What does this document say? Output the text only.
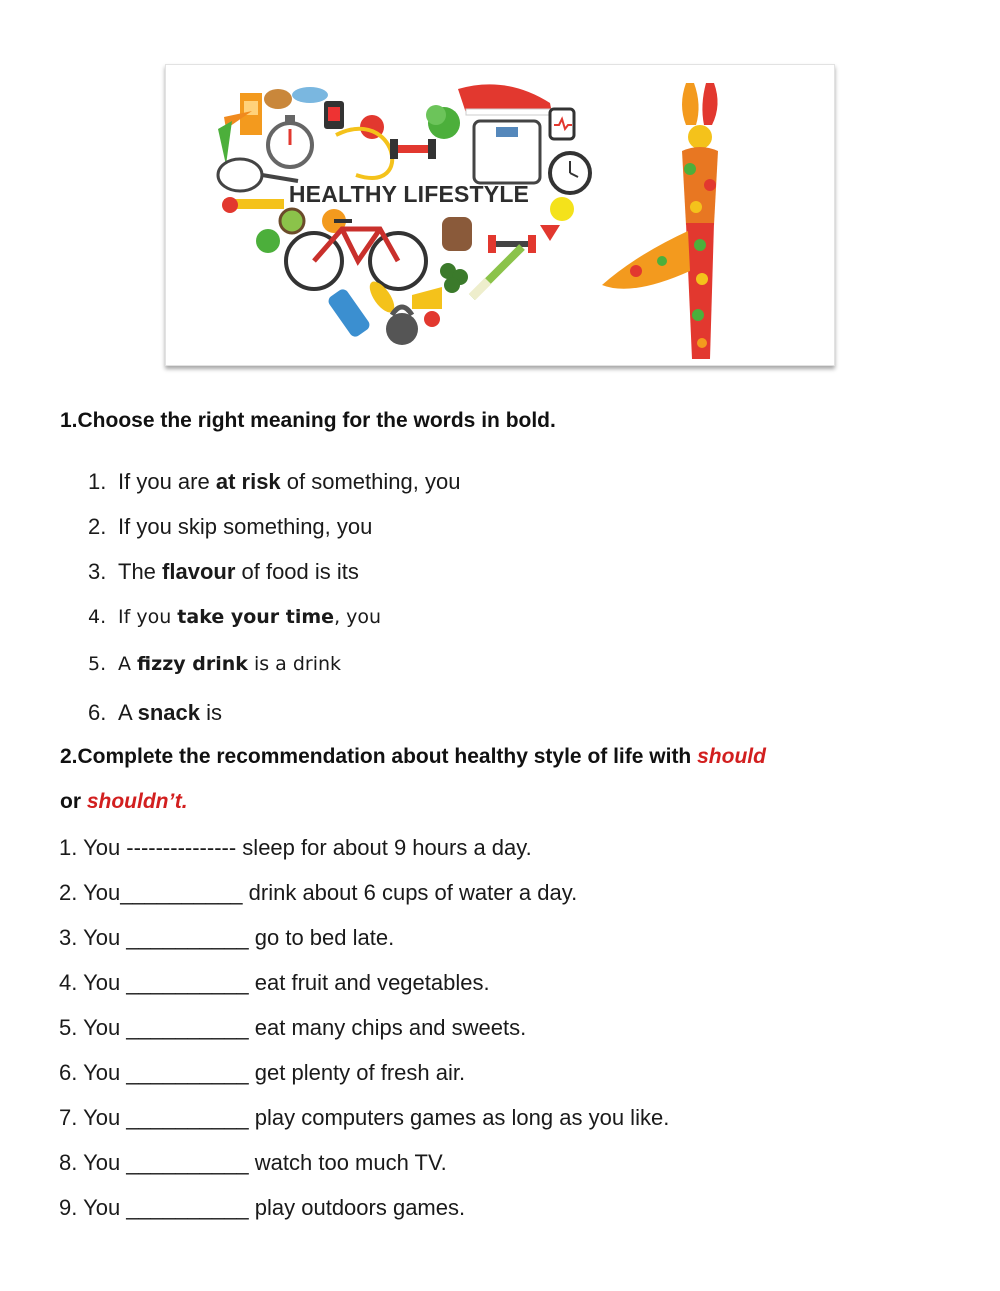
HEALTHY LIFESTYLE
1.Choose the right meaning for the words in bold.
1. If you are at risk of something, you
2. If you skip something, you
3. The flavour of food is its
4. If you take your time, you
5. A fizzy drink is a drink
6. A snack is
2.Complete the recommendation about healthy style of life with should
or shouldn’t.
1. You --------------- sleep for about 9 hours a day.
2. You__________ drink about 6 cups of water a day.
3. You __________ go to bed late.
4. You __________ eat fruit and vegetables.
5. You __________ eat many chips and sweets.
6. You __________ get plenty of fresh air.
7. You __________ play computers games as long as you like.
8. You __________ watch too much TV.
9. You __________ play outdoors games.
